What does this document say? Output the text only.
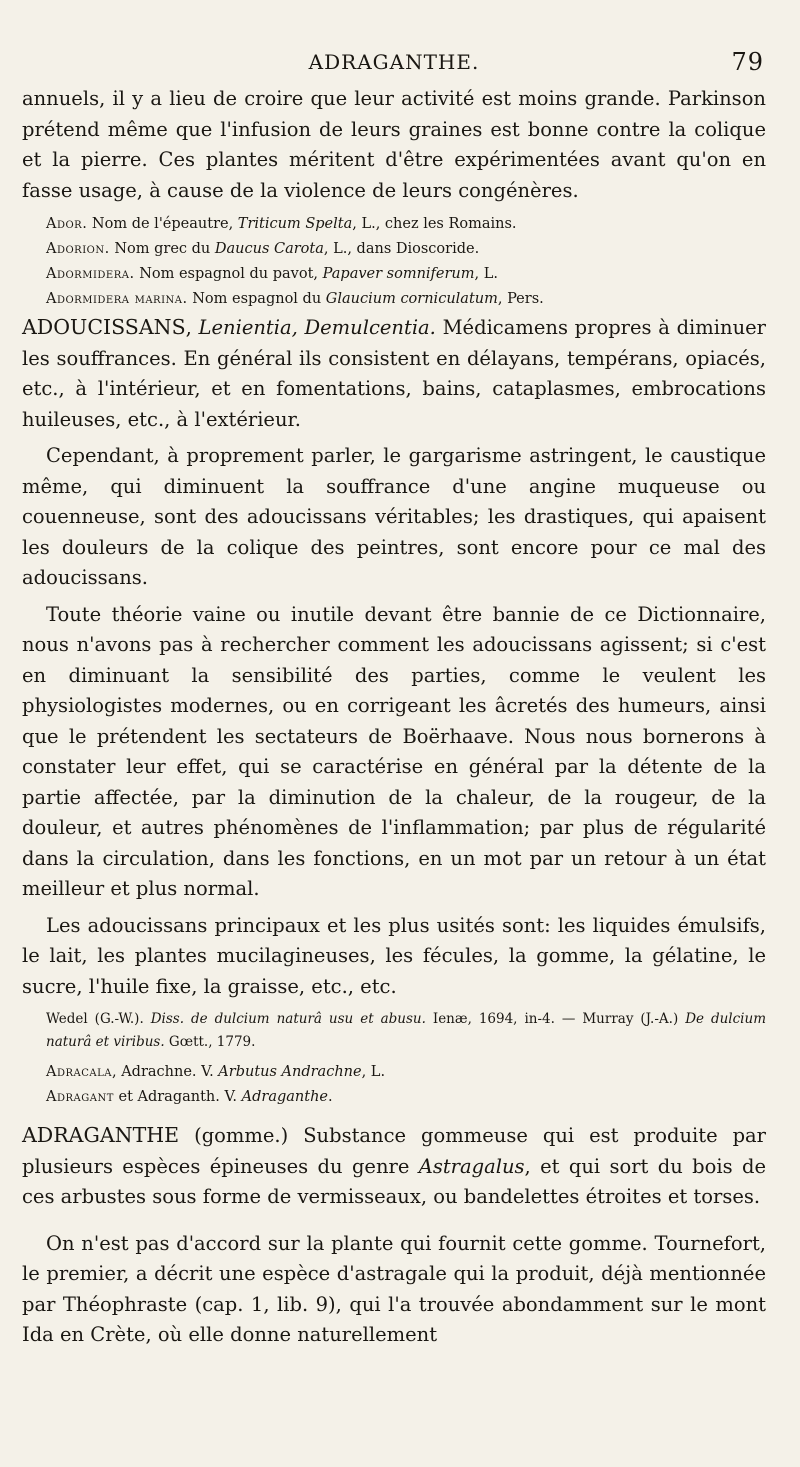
ADRAGANTHE.	79

annuels, il y a lieu de croire que leur activité est moins grande. Parkinson prétend même que l'infusion de leurs graines est bonne contre la colique et la pierre. Ces plantes méritent d'être expérimentées avant qu'on en fasse usage, à cause de la violence de leurs congénères.

Ador. Nom de l'épeautre, Triticum Spelta, L., chez les Romains.

Adorion. Nom grec du Daucus Carota, L., dans Dioscoride.

Adormidera. Nom espagnol du pavot, Papaver somniferum, L.

Adormidera marina. Nom espagnol du Glaucium corniculatum, Pers.

ADOUCISSANS, Lenientia, Demulcentia. Médicamens propres à diminuer les souffrances. En général ils consistent en délayans, tempérans, opiacés, etc., à l'intérieur, et en fomentations, bains, cataplasmes, embrocations huileuses, etc., à l'extérieur.

Cependant, à proprement parler, le gargarisme astringent, le caustique même, qui diminuent la souffrance d'une angine muqueuse ou couenneuse, sont des adoucissans véritables; les drastiques, qui apaisent les douleurs de la colique des peintres, sont encore pour ce mal des adoucissans.

Toute théorie vaine ou inutile devant être bannie de ce Dictionnaire, nous n'avons pas à rechercher comment les adoucissans agissent; si c'est en diminuant la sensibilité des parties, comme le veulent les physiologistes modernes, ou en corrigeant les âcretés des humeurs, ainsi que le prétendent les sectateurs de Boërhaave. Nous nous bornerons à constater leur effet, qui se caractérise en général par la détente de la partie affectée, par la diminution de la chaleur, de la rougeur, de la douleur, et autres phénomènes de l'inflammation; par plus de régularité dans la circulation, dans les fonctions, en un mot par un retour à un état meilleur et plus normal.

Les adoucissans principaux et les plus usités sont: les liquides émulsifs, le lait, les plantes mucilagineuses, les fécules, la gomme, la gélatine, le sucre, l'huile fixe, la graisse, etc., etc.

Wedel (G.-W.). Diss. de dulcium naturâ usu et abusu. Ienæ, 1694, in-4. — Murray (J.-A.) De dulcium naturâ et viribus. Gœtt., 1779.

Adracala, Adrachne. V. Arbutus Andrachne, L.

Adragant et Adraganth. V. Adraganthe.

ADRAGANTHE (gomme.) Substance gommeuse qui est produite par plusieurs espèces épineuses du genre Astragalus, et qui sort du bois de ces arbustes sous forme de vermisseaux, ou bandelettes étroites et torses.

On n'est pas d'accord sur la plante qui fournit cette gomme. Tournefort, le premier, a décrit une espèce d'astragale qui la produit, déjà mentionnée par Théophraste (cap. 1, lib. 9), qui l'a trouvée abondamment sur le mont Ida en Crète, où elle donne naturellement
